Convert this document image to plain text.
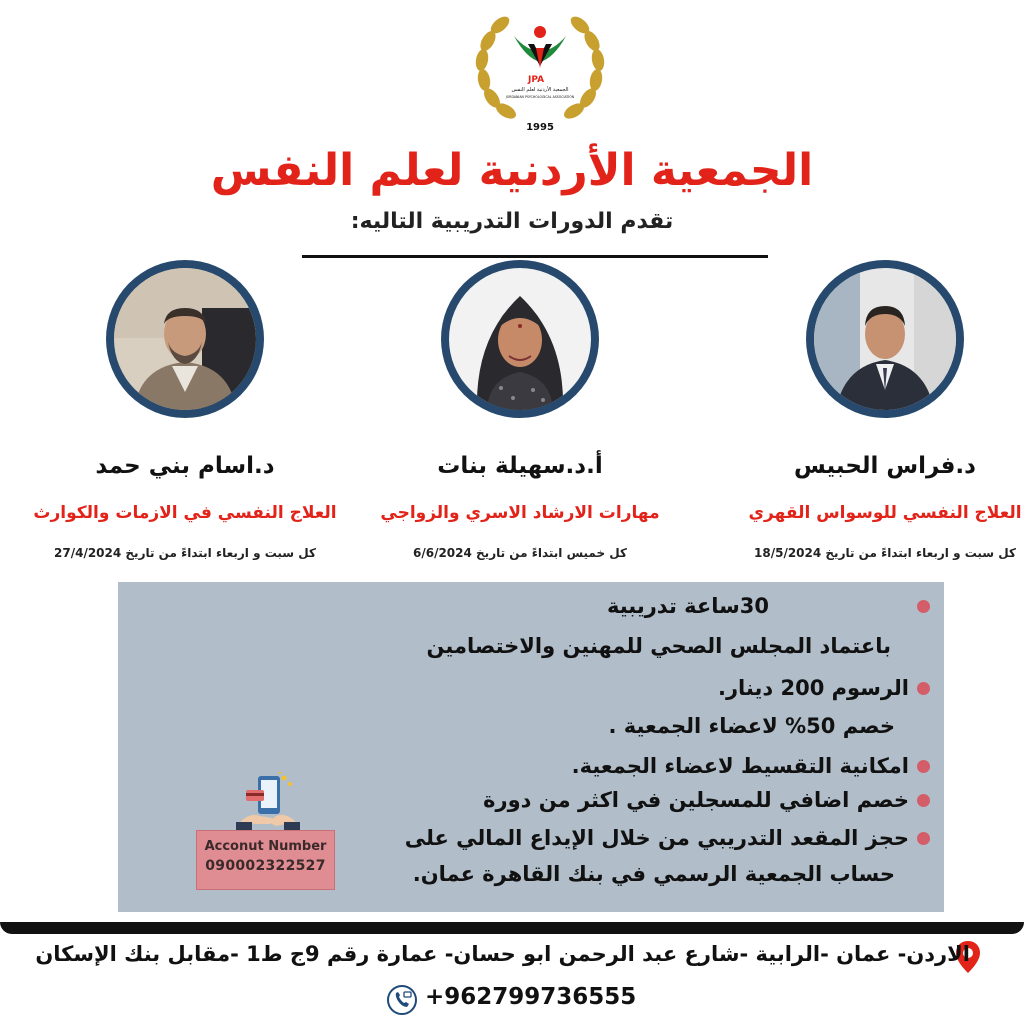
JPA
الجمعية الأردنية لعلم النفس
JORDANIAN PSYCHOLOGICAL ASSOCIATION
1995
الجمعية الأردنية لعلم النفس
تقدم الدورات التدريبية التاليه:
د.فراس الحبيس
العلاج النفسي للوسواس القهري
كل سبت و اربعاء ابتداءً من تاريخ 18/5/2024
أ.د.سهيلة بنات
مهارات الارشاد الاسري والزواجي
كل خميس ابتداءً من تاريخ 6/6/2024
د.اسام بني حمد
العلاج النفسي في الازمات والكوارث
كل سبت و اربعاء ابتداءً من تاريخ 27/4/2024
30ساعة تدريبية
باعتماد المجلس الصحي للمهنين والاختصامين
الرسوم 200 دينار.
خصم 50% لاعضاء الجمعية .
امكانية التقسيط لاعضاء الجمعية.
خصم اضافي للمسجلين في اكثر من دورة
حجز المقعد التدريبي من خلال الإيداع المالي على
حساب الجمعية الرسمي في بنك القاهرة عمان.
Acconut Number
090002322527
الاردن- عمان -الرابية -شارع عبد الرحمن ابو حسان- عمارة رقم 9ج ط1 -مقابل بنك الإسكان
+962799736555
